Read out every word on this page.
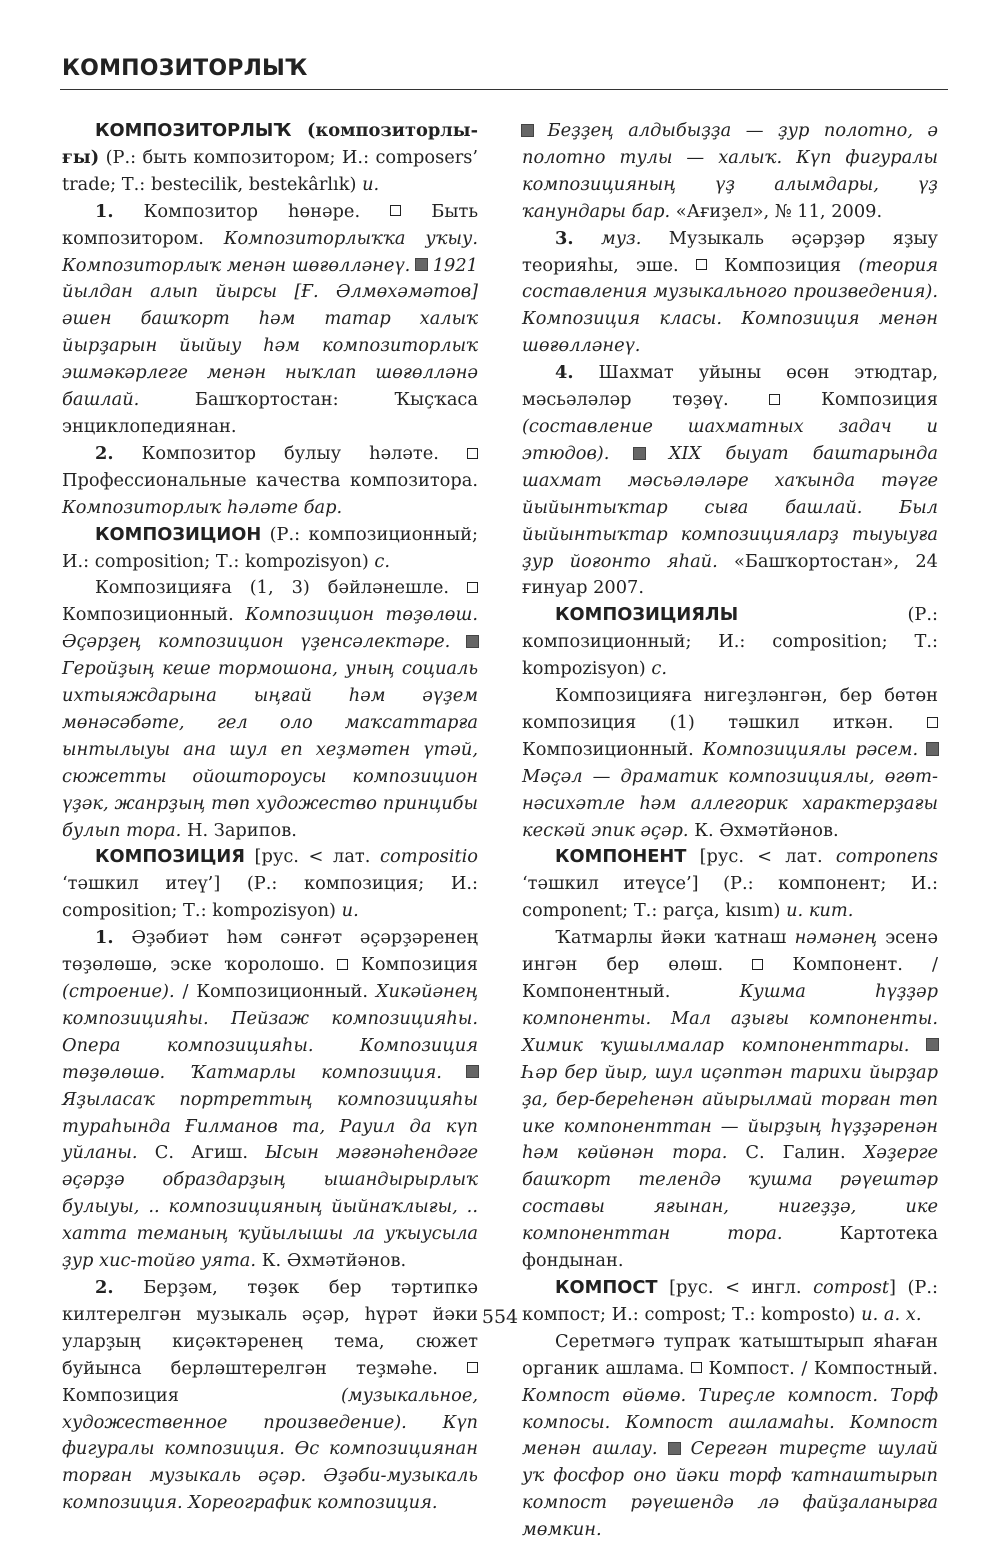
КОМПОЗИТОРЛЫҠ

КОМПОЗИТОРЛЫҠ (композиторлы-ғы) (Р.: быть композитором; И.: composers’ trade; Т.: bestecilik, bestekârlık) и.

1. Композитор һөнәре.	Быть композитором. Композиторлыҡҡа уҡыу. Композиторлыҡ менән шөғөлләнеү. 1921 йылдан алып йырсы [Ғ. Әлмөхәмәтов] әшен башҡорт һәм татар халыҡ йырҙарын йыйыу һәм композиторлыҡ эшмәкәрлеге менән ныҡлап шөғөлләнә башлай.	Башҡортостан: Ҡыҫҡаса энциклопедиянан.

2. Композитор булыу һәләте.  Профессиональные качества композитора. Композиторлыҡ һәләте бар.

КОМПОЗИЦИОН (Р.: композиционный; И.: composition; Т.: kompozisyon) с.

Композицияға (1, 3) бәйләнешле.  Композиционный. Композицион төҙөлөш. Әҫәрҙең композицион үҙенсәлектәре.  Геройҙың кеше тормошона, уның социаль ихтыяждарына ыңғай һәм әүҙем мөнәсәбәте, гел оло маҡсаттарға ынтылыуы ана шул еп хеҙмәтен үтәй, сюжетты ойоштороусы композицион үҙәк, жанрҙың төп художество принцибы булып тора. Н. Зарипов.

КОМПОЗИЦИЯ [рус. < лат. compositio ‘тәшкил итеү’] (Р.: композиция; И.: composition; Т.: kompozisyon) и.

1. Әҙәбиәт һәм сәнғәт әҫәрҙәренең төҙөлөшө, эске ҡоролошо. Композиция (строение). / Композиционный. Хикәйәнең композицияһы. Пейзаж композицияһы. Опера композицияһы. Композиция төҙөлөшө. Ҡатмарлы композиция.  Яҙыласаҡ портреттың композицияһы тураһында Ғилманов та, Рауил да күп уйланы. С. Агиш. Ысын мәғәнәһендәге әҫәрҙә образдарҙың ышандырырлыҡ булыуы, .. композицияның йыйнаҡлығы, .. хатта теманың ҡуйылышы ла уҡыусыла ҙур хис-тойғо уята. К. Әхмәтйәнов.

2. Берҙәм, төҙөк бер тәртипкә килтерелгән музыкаль әҫәр, һүрәт йәки уларҙың киҫәктәренең тема, сюжет буйынса берләштерелгән теҙмәһе.  Композиция	(музыкальное, художественное произведение). Күп фигуралы композиция. Өс композициянан торған музыкаль әҫәр. Әҙәби-музыкаль композиция. Хореографик композиция.

Беҙҙең алдыбыҙҙа — ҙур полотно, ә полотно тулы — халыҡ. Күп фигуралы композицияның үҙ алымдары, үҙ ҡанундары бар. «Ағиҙел», № 11, 2009.

3. муз. Музыкаль әҫәрҙәр яҙыу теорияһы, эше.	Композиция (теория составления музыкального произведения). Композиция класы. Композиция менән шөғөлләнеү.

4. Шахмат уйыны өсөн этюдтар, мәсьәләләр төҙөү.	Композиция (составление шахматных задач и этюдов).	XIX быуат баштарында шахмат мәсьәләләре хаҡында тәүге йыйынтыҡтар сыға башлай. Был йыйынтыҡтар композицияларҙ тыуыуға ҙур йоғонто яһай. «Башҡортостан», 24 ғинуар 2007.

КОМПОЗИЦИЯЛЫ	(Р.: композиционный; И.: composition; Т.: kompozisyon) с.

Композицияға нигеҙләнгән, бер бөтөн композиция (1) тәшкил иткән.  Композиционный. Композициялы рәсем.  Мәҫәл — драматик композициялы, өгөт-нәсихәтле һәм аллегорик характерҙағы кескәй эпик әҫәр. К. Әхмәтйәнов.

КОМПОНЕНТ [рус. < лат. componens ‘тәшкил итеүсе’] (Р.: компонент; И.: component; Т.: parça, kısım) и. кит.

Ҡатмарлы йәки ҡатнаш нәмәнең эсенә ингән бер өлөш.	Компонент. / Компонентный.	Кушма һүҙҙәр компоненты. Мал аҙығы компоненты. Химик ҡушылмалар компоненттары.  Һәр бер йыр, шул иҫәптән тарихи йырҙар ҙа, бер-береһенән айырылмай торған төп ике компоненттан — йырҙың һүҙҙәренән һәм көйөнән тора. С. Галин. Хәҙерге башҡорт телендә ҡушма рәүештәр составы яғынан, нигеҙҙә, ике компоненттан тора.	Картотека фондынан.

КОМПОСТ [рус. < ингл. compost] (Р.: компост; И.: compost; Т.: komposto) и. а. х.

Серетмәгә тупраҡ ҡатыштырып яһаған органик ашлама. Компост. / Компостный. Компост өйөмө. Тиреҫле компост. Торф компосы. Компост ашламаһы. Компост менән ашлау. Серегән тиреҫте шулай уҡ фосфор оно йәки торф ҡатнаштырып компост рәүешендә лә файҙаланырға мөмкин.

554
